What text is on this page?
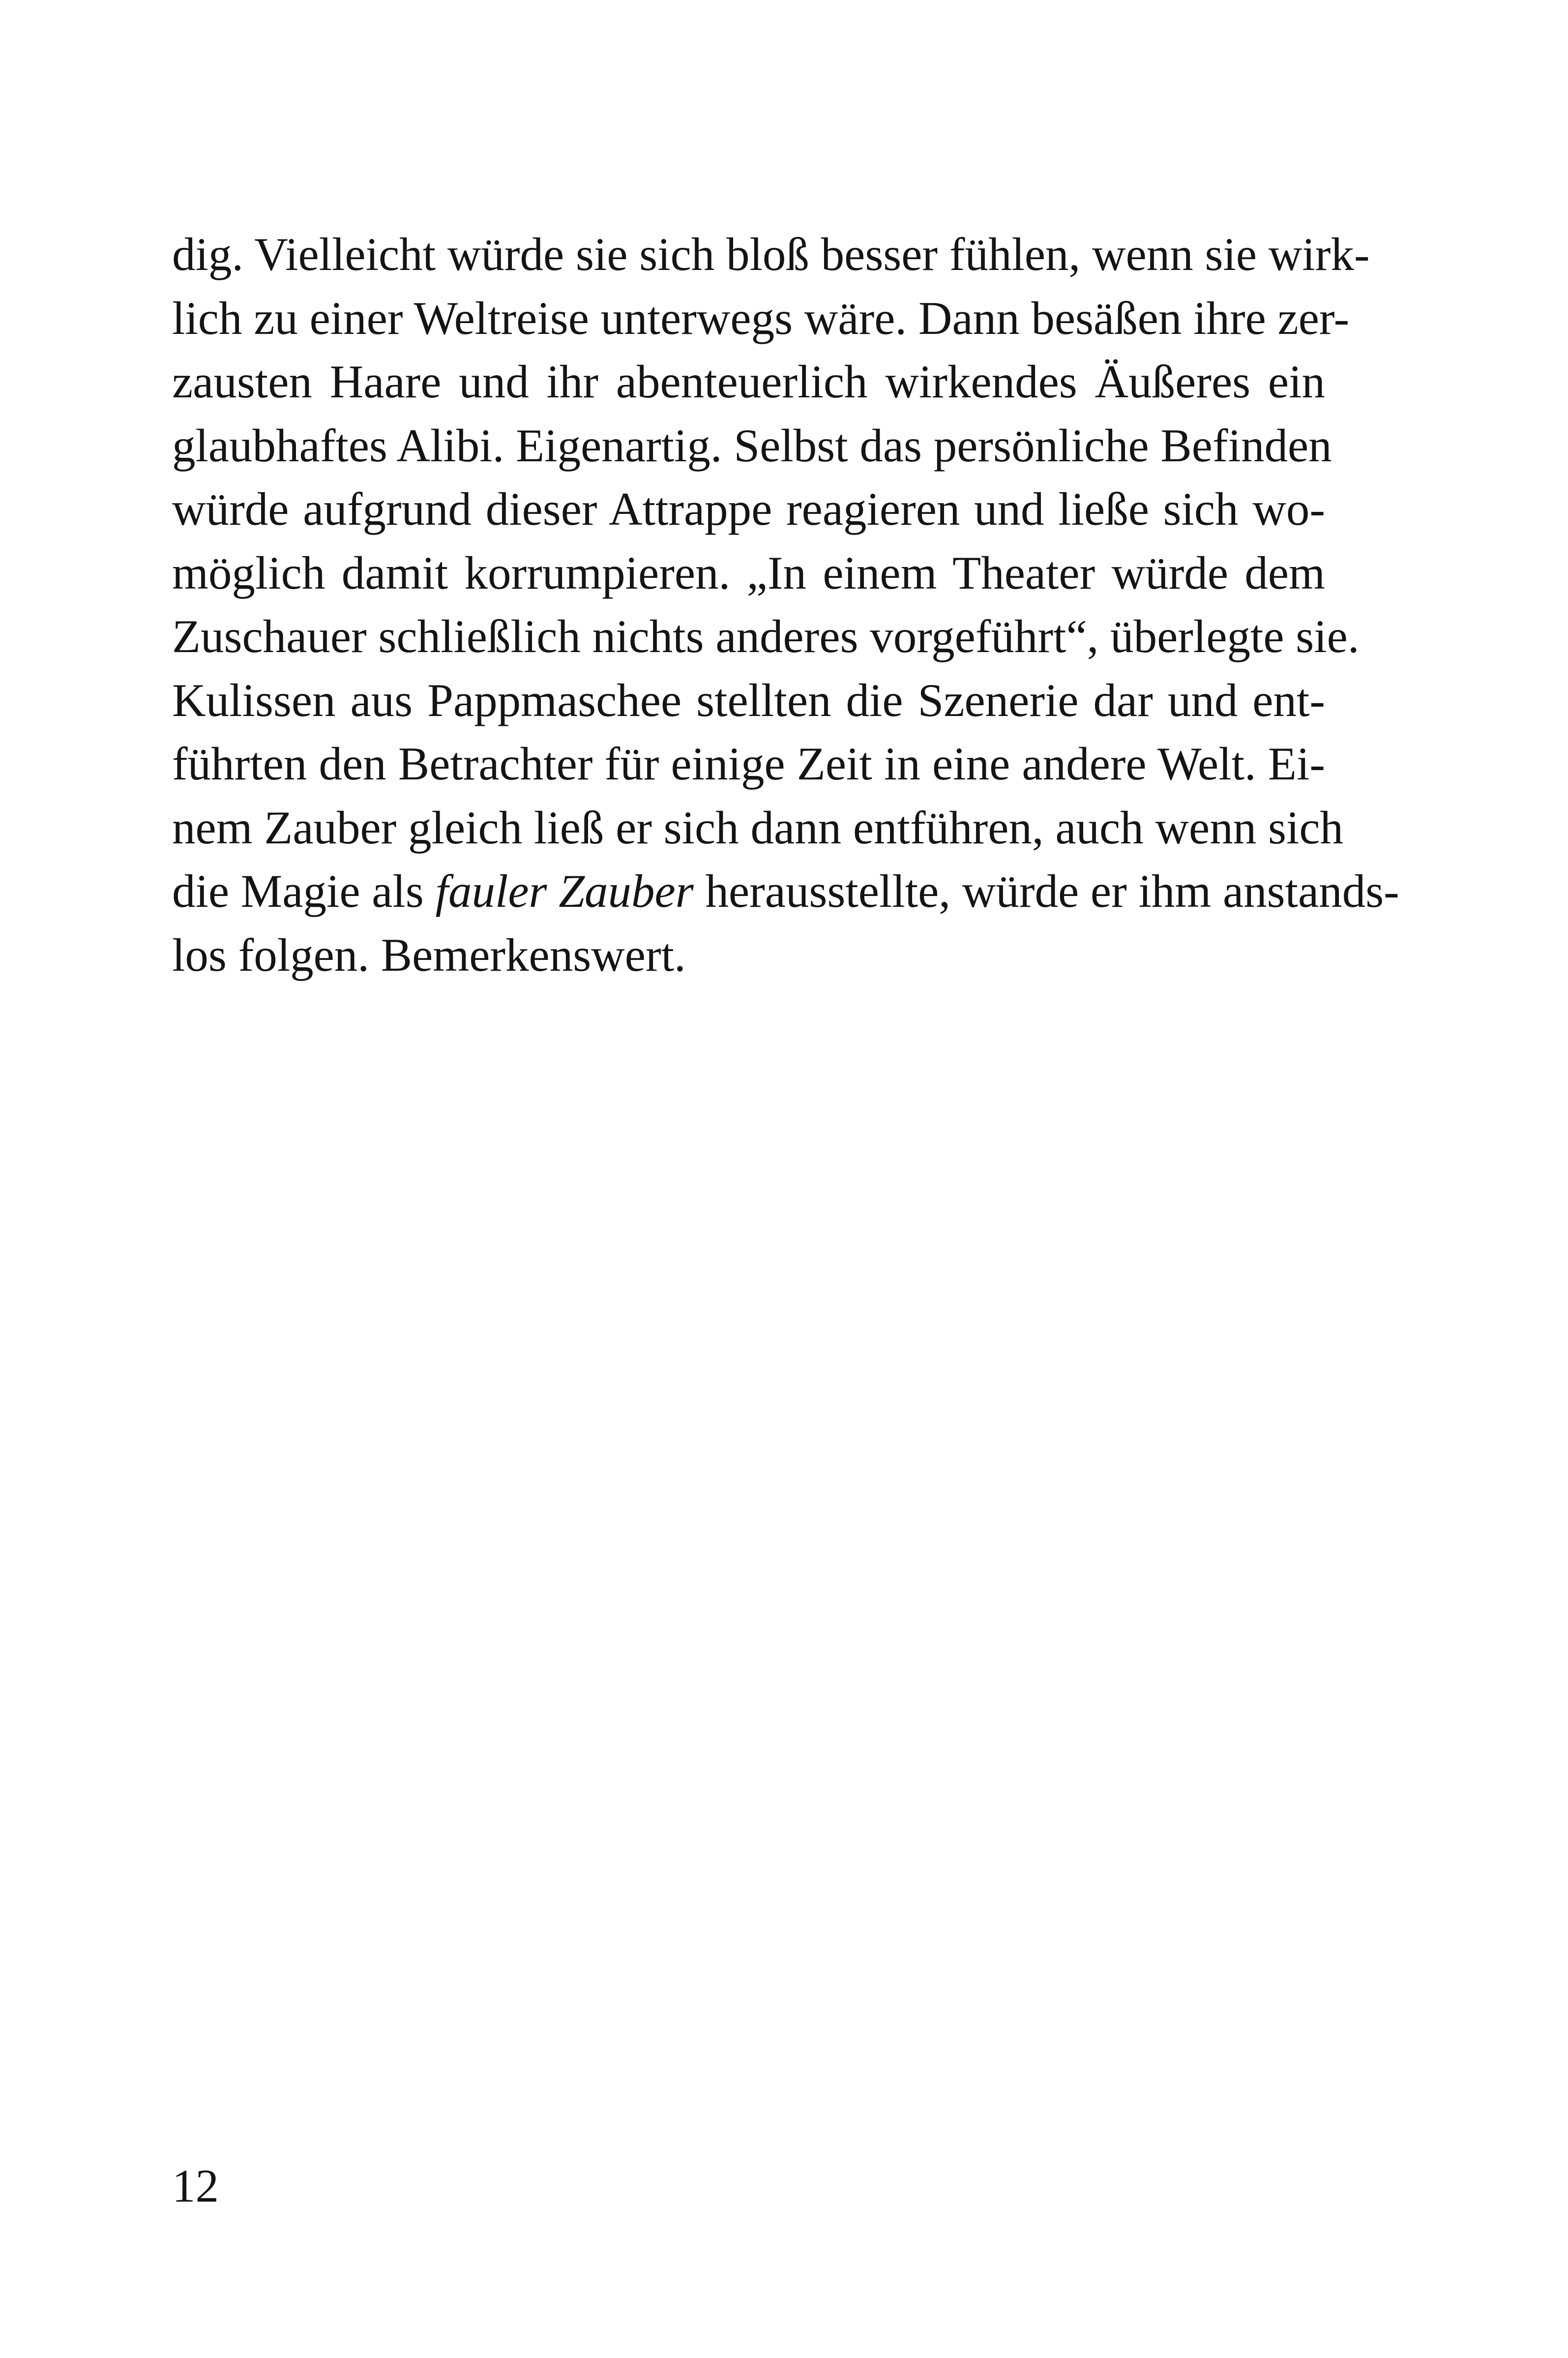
dig. Vielleicht würde sie sich bloß besser fühlen, wenn sie wirk-
lich zu einer Weltreise unterwegs wäre. Dann besäßen ihre zer-
zausten Haare und ihr abenteuerlich wirkendes Äußeres ein
glaubhaftes Alibi. Eigenartig. Selbst das persönliche Befinden
würde aufgrund dieser Attrappe reagieren und ließe sich wo-
möglich damit korrumpieren. „In einem Theater würde dem
Zuschauer schließlich nichts anderes vorgeführt“, überlegte sie.
Kulissen aus Pappmaschee stellten die Szenerie dar und ent-
führten den Betrachter für einige Zeit in eine andere Welt. Ei-
nem Zauber gleich ließ er sich dann entführen, auch wenn sich
die Magie als fauler Zauber herausstellte, würde er ihm anstands-
los folgen. Bemerkenswert.
12
